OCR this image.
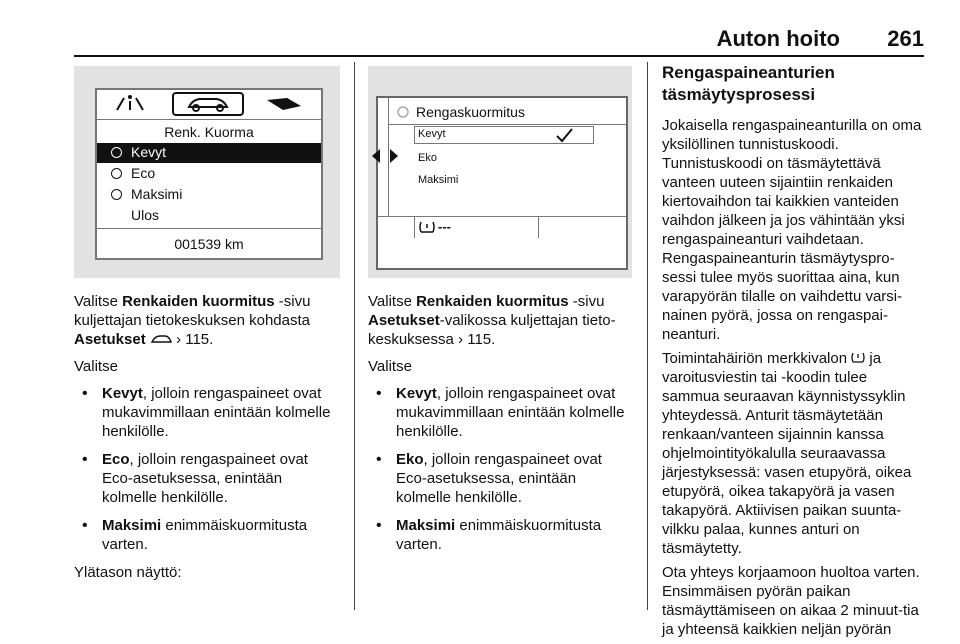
Auton hoito 261
Renk. Kuorma
Kevyt
Eco
Maksimi
Ulos
001539 km

Valitse Renkaiden kuormitus -sivu kuljettajan tietokeskuksen kohdasta Asetukset › 115.

Valitse

• Kevyt, jolloin rengaspaineet ovat mukavimmillaan enintään kolmelle henkilölle.
• Eco, jolloin rengaspaineet ovat Eco-asetuksessa, enintään kolmelle henkilölle.
• Maksimi enimmäiskuormitusta varten.

Ylätason näyttö:

Rengaskuormitus
Kevyt
Eko
Maksimi
---

Valitse Renkaiden kuormitus -sivu Asetukset-valikossa kuljettajan tieto-keskuksessa › 115.

Valitse

• Kevyt, jolloin rengaspaineet ovat mukavimmillaan enintään kolmelle henkilölle.
• Eko, jolloin rengaspaineet ovat Eco-asetuksessa, enintään kolmelle henkilölle.
• Maksimi enimmäiskuormitusta varten.
Rengaspaineanturien täsmäytysprosessi

Jokaisella rengaspaineanturilla on oma yksilöllinen tunnistuskoodi. Tunnistuskoodi on täsmäytettävä vanteen uuteen sijaintiin renkaiden kiertovaihdon tai kaikkien vanteiden vaihdon jälkeen ja jos vähintään yksi rengaspaineanturi vaihdetaan. Rengaspaineanturin täsmäytyspro-sessi tulee myös suorittaa aina, kun varapyörän tilalle on vaihdettu varsi-nainen pyörä, jossa on rengaspai-neanturi.

Toimintahäiriön merkkivalon  ja varoitusviestin tai -koodin tulee sammua seuraavan käynnistyssyklin yhteydessä. Anturit täsmäytetään renkaan/vanteen sijainnin kanssa ohjelmointityökalulla seuraavassa järjestyksessä: vasen etupyörä, oikea etupyörä, oikea takapyörä ja vasen takapyörä. Aktiivisen paikan suunta-vilkku palaa, kunnes anturi on täsmäytetty.

Ota yhteys korjaamoon huoltoa varten. Ensimmäisen pyörän paikan täsmäyttämiseen on aikaa 2 minuut-tia ja yhteensä kaikkien neljän pyörän
